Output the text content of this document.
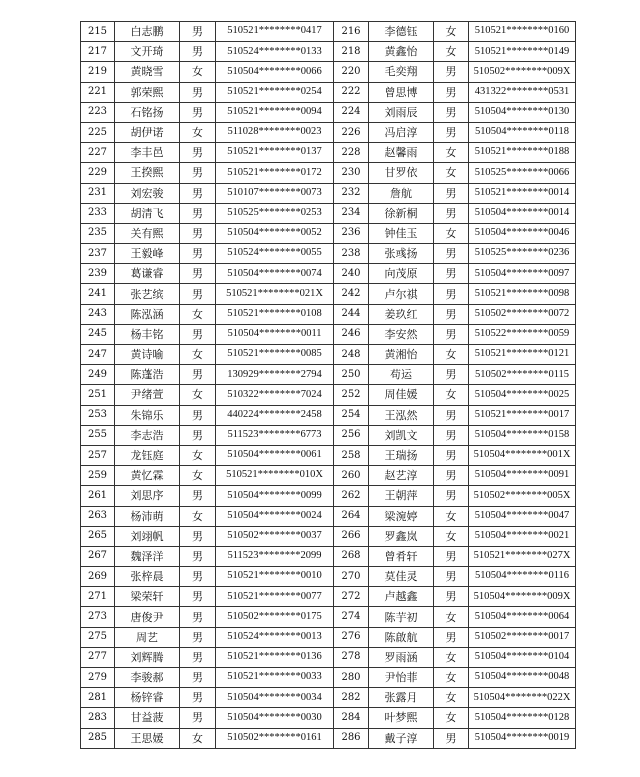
215	白志鹏	男	510521********0417	216	李德钰	女	510521********0160
217	文开琦	男	510524********0133	218	黄鑫怡	女	510521********0149
219	黄晓雪	女	510504********0066	220	毛奕翔	男	510502********009X
221	郭荣熙	男	510521********0254	222	曾思博	男	431322********0531
223	石铭扬	男	510521********0094	224	刘雨辰	男	510504********0130
225	胡伊诺	女	511028********0023	226	冯启淳	男	510504********0118
227	李丰邑	男	510521********0137	228	赵馨雨	女	510521********0188
229	王揆熙	男	510521********0172	230	甘罗依	女	510525********0066
231	刘宏骏	男	510107********0073	232	詹航	男	510521********0014
233	胡清飞	男	510525********0253	234	徐新桐	男	510504********0014
235	关有熙	男	510504********0052	236	钟佳玉	女	510504********0046
237	王毅峰	男	510524********0055	238	张彧扬	男	510525********0236
239	葛谦睿	男	510504********0074	240	向茂原	男	510504********0097
241	张艺缤	男	510521********021X	242	卢尔祺	男	510521********0098
243	陈泓涵	女	510521********0108	244	姜玖红	男	510502********0072
245	杨丰铭	男	510504********0011	246	李安然	男	510522********0059
247	黄诗喻	女	510521********0085	248	黄湘怡	女	510521********0121
249	陈蓬浩	男	130929********2794	250	苟运	男	510502********0115
251	尹绪萱	女	510322********7024	252	周佳媛	女	510504********0025
253	朱锦乐	男	440224********2458	254	王泓然	男	510521********0017
255	李志浩	男	511523********6773	256	刘凯文	男	510504********0158
257	龙钰庭	女	510504********0061	258	王瑞扬	男	510504********001X
259	黄忆霖	女	510521********010X	260	赵艺淳	男	510504********0091
261	刘思序	男	510504********0099	262	王朝萍	男	510502********005X
263	杨沛萌	女	510504********0024	264	梁涴婷	女	510504********0047
265	刘翊帆	男	510502********0037	266	罗鑫岚	女	510504********0021
267	魏泽洋	男	511523********2099	268	曾肴轩	男	510521********027X
269	张梓晨	男	510521********0010	270	莫佳灵	男	510504********0116
271	梁荣轩	男	510521********0077	272	卢越鑫	男	510504********009X
273	唐俊尹	男	510502********0175	274	陈芋初	女	510504********0064
275	周艺	男	510524********0013	276	陈啟航	男	510502********0017
277	刘辉腾	男	510521********0136	278	罗雨涵	女	510504********0104
279	李骏郝	男	510521********0033	280	尹怡菲	女	510504********0048
281	杨锌睿	男	510504********0034	282	张露月	女	510504********022X
283	甘益菠	男	510504********0030	284	叶梦熙	女	510504********0128
285	王思媛	女	510502********0161	286	戴子淳	男	510504********0019
